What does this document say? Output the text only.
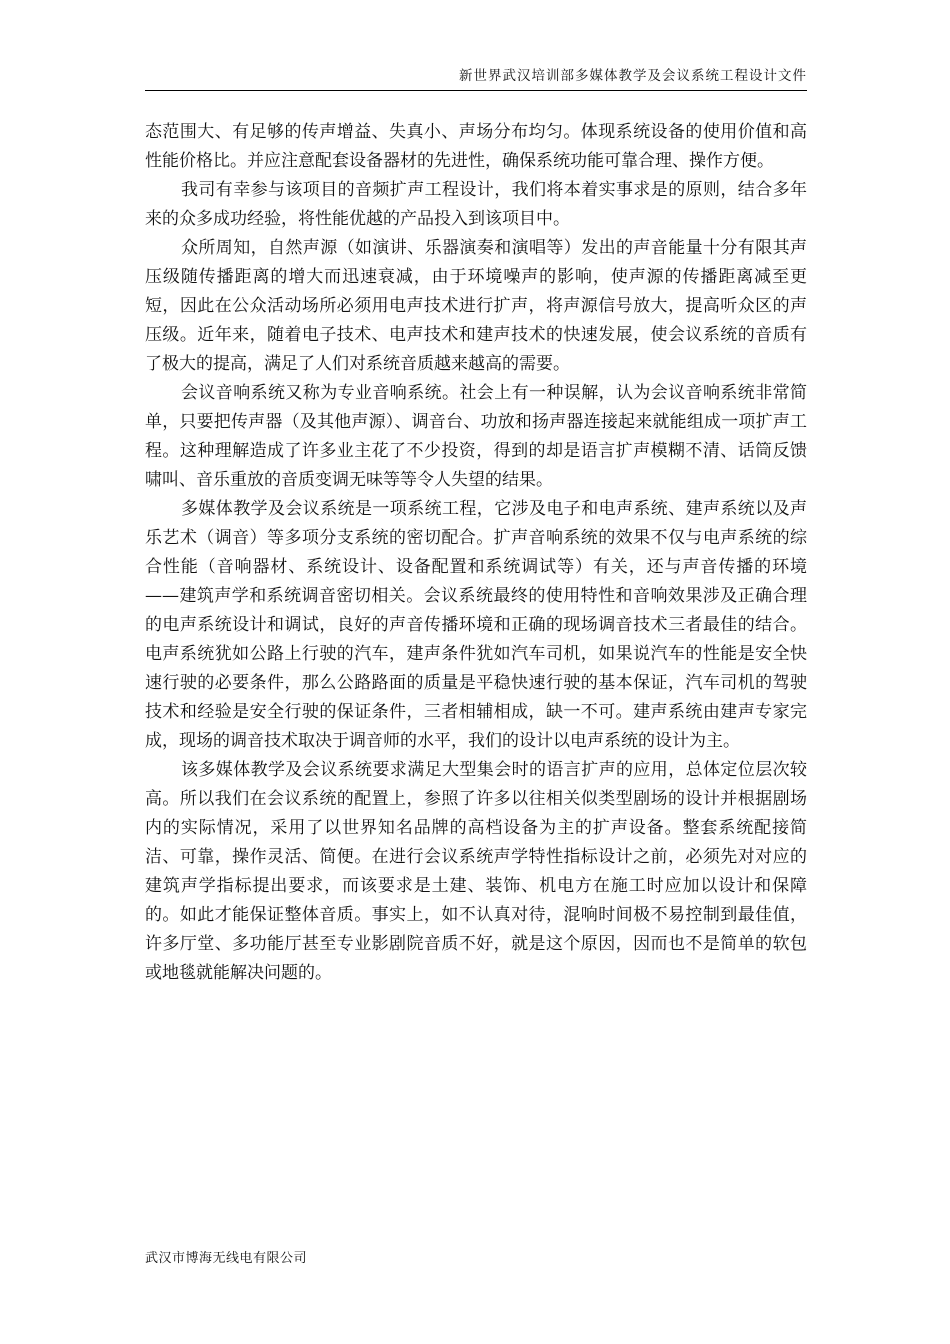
新世界武汉培训部多媒体教学及会议系统工程设计文件

态范围大、有足够的传声增益、失真小、声场分布均匀。体现系统设备的使用价值和高性能价格比。并应注意配套设备器材的先进性，确保系统功能可靠合理、操作方便。

我司有幸参与该项目的音频扩声工程设计，我们将本着实事求是的原则，结合多年来的众多成功经验，将性能优越的产品投入到该项目中。

众所周知，自然声源（如演讲、乐器演奏和演唱等）发出的声音能量十分有限其声压级随传播距离的增大而迅速衰减，由于环境噪声的影响，使声源的传播距离减至更短，因此在公众活动场所必须用电声技术进行扩声，将声源信号放大，提高听众区的声压级。近年来，随着电子技术、电声技术和建声技术的快速发展，使会议系统的音质有了极大的提高，满足了人们对系统音质越来越高的需要。

会议音响系统又称为专业音响系统。社会上有一种误解，认为会议音响系统非常简单，只要把传声器（及其他声源）、调音台、功放和扬声器连接起来就能组成一项扩声工程。这种理解造成了许多业主花了不少投资，得到的却是语言扩声模糊不清、话筒反馈啸叫、音乐重放的音质变调无味等等令人失望的结果。

多媒体教学及会议系统是一项系统工程，它涉及电子和电声系统、建声系统以及声乐艺术（调音）等多项分支系统的密切配合。扩声音响系统的效果不仅与电声系统的综合性能（音响器材、系统设计、设备配置和系统调试等）有关，还与声音传播的环境——建筑声学和系统调音密切相关。会议系统最终的使用特性和音响效果涉及正确合理的电声系统设计和调试，良好的声音传播环境和正确的现场调音技术三者最佳的结合。电声系统犹如公路上行驶的汽车，建声条件犹如汽车司机，如果说汽车的性能是安全快速行驶的必要条件，那么公路路面的质量是平稳快速行驶的基本保证，汽车司机的驾驶技术和经验是安全行驶的保证条件，三者相辅相成，缺一不可。建声系统由建声专家完成，现场的调音技术取决于调音师的水平，我们的设计以电声系统的设计为主。

该多媒体教学及会议系统要求满足大型集会时的语言扩声的应用，总体定位层次较高。所以我们在会议系统的配置上，参照了许多以往相关似类型剧场的设计并根据剧场内的实际情况，采用了以世界知名品牌的高档设备为主的扩声设备。整套系统配接简洁、可靠，操作灵活、简便。在进行会议系统声学特性指标设计之前，必须先对对应的建筑声学指标提出要求，而该要求是土建、装饰、机电方在施工时应加以设计和保障的。如此才能保证整体音质。事实上，如不认真对待，混响时间极不易控制到最佳值，许多厅堂、多功能厅甚至专业影剧院音质不好，就是这个原因，因而也不是简单的软包或地毯就能解决问题的。

武汉市博海无线电有限公司
